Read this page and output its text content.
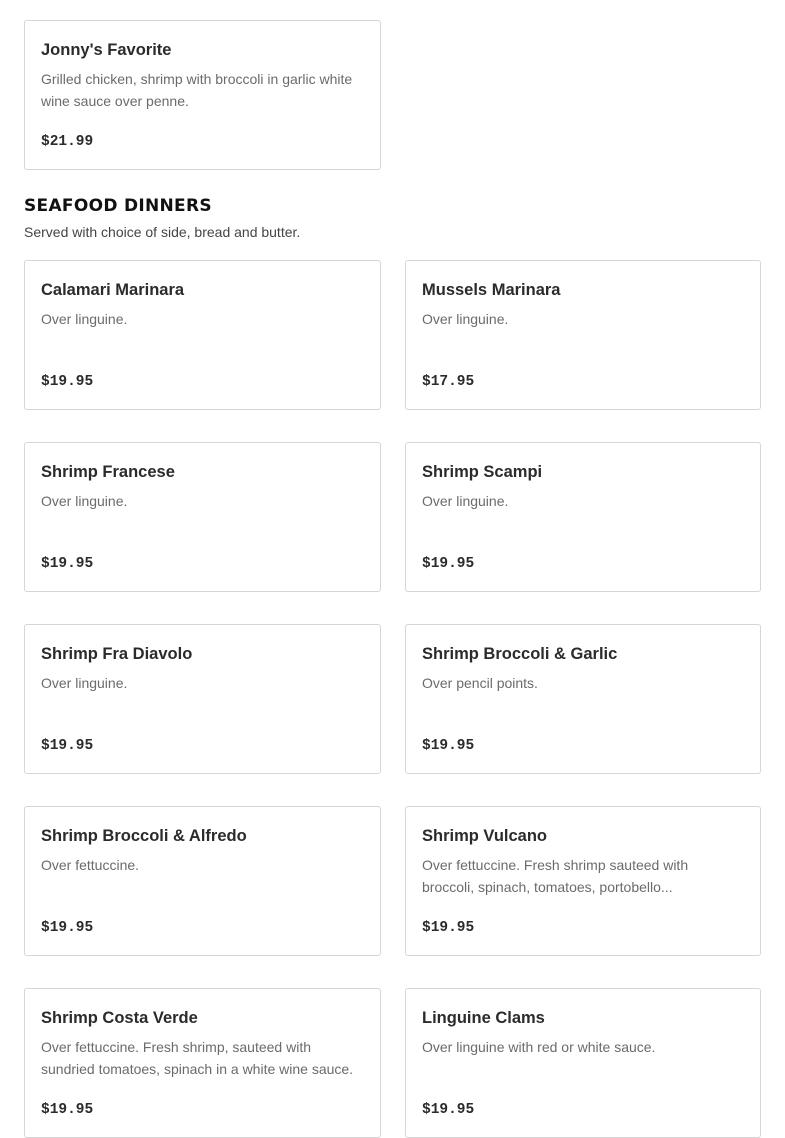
Jonny's Favorite
Grilled chicken, shrimp with broccoli in garlic white wine sauce over penne.
$21.99
SEAFOOD DINNERS
Served with choice of side, bread and butter.
Calamari Marinara
Over linguine.
$19.95
Mussels Marinara
Over linguine.
$17.95
Shrimp Francese
Over linguine.
$19.95
Shrimp Scampi
Over linguine.
$19.95
Shrimp Fra Diavolo
Over linguine.
$19.95
Shrimp Broccoli & Garlic
Over pencil points.
$19.95
Shrimp Broccoli & Alfredo
Over fettuccine.
$19.95
Shrimp Vulcano
Over fettuccine. Fresh shrimp sauteed with broccoli, spinach, tomatoes, portobello...
$19.95
Shrimp Costa Verde
Over fettuccine. Fresh shrimp, sauteed with sundried tomatoes, spinach in a white wine sauce.
$19.95
Linguine Clams
Over linguine with red or white sauce.
$19.95
